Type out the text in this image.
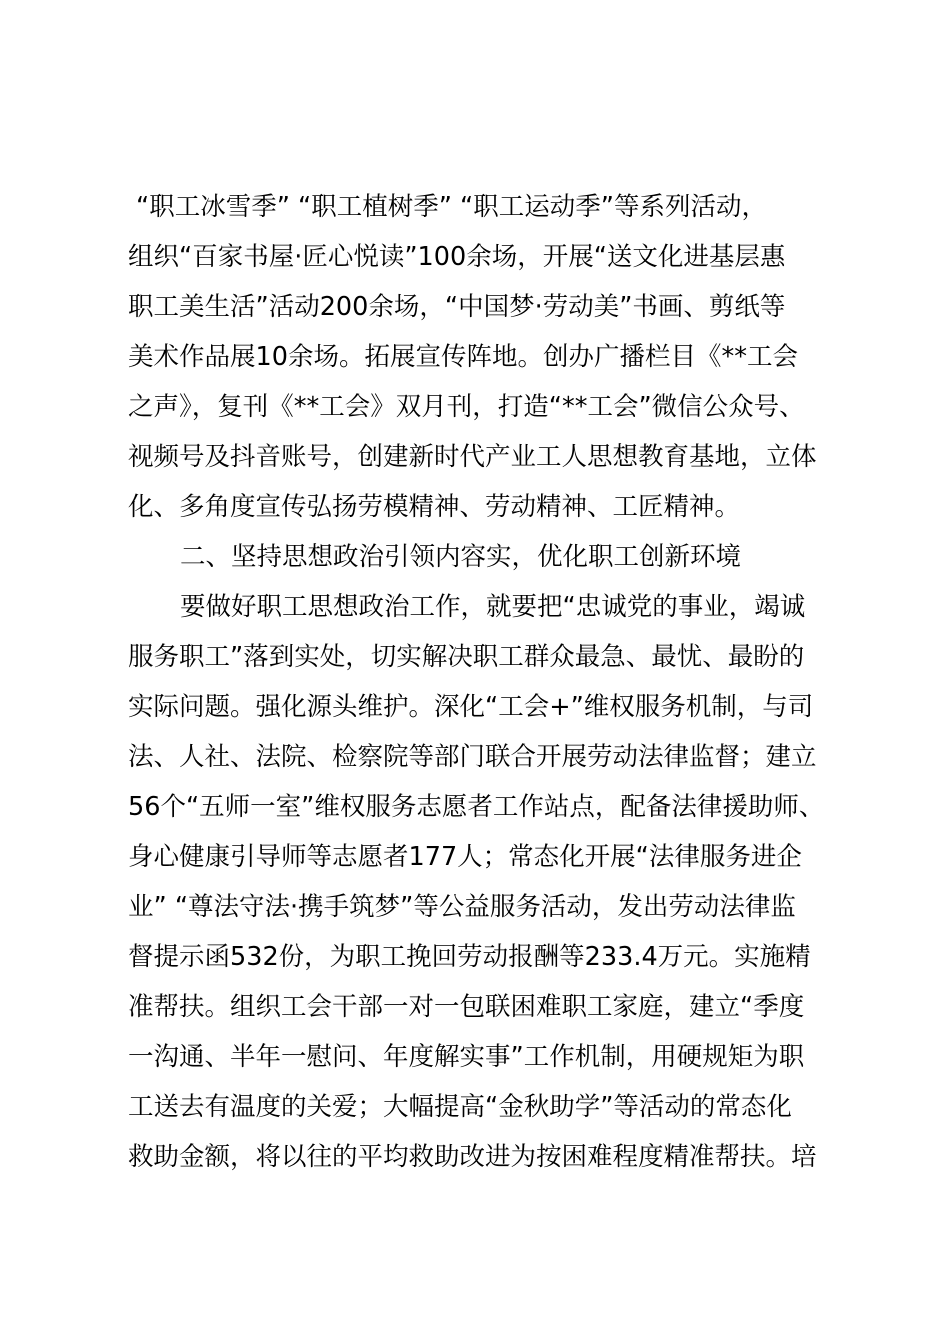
“职工冰雪季” “职工植树季” “职工运动季”等系列活动，
组织“百家书屋·匠心悦读”100余场，开展“送文化进基层惠
职工美生活”活动200余场，“中国梦·劳动美”书画、剪纸等
美术作品展10余场。拓展宣传阵地。创办广播栏目《**工会
之声》，复刊《**工会》双月刊，打造“**工会”微信公众号、
视频号及抖音账号，创建新时代产业工人思想教育基地，立体
化、多角度宣传弘扬劳模精神、劳动精神、工匠精神。
二、坚持思想政治引领内容实，优化职工创新环境
要做好职工思想政治工作，就要把“忠诚党的事业，竭诚
服务职工”落到实处，切实解决职工群众最急、最忧、最盼的
实际问题。强化源头维护。深化“工会+”维权服务机制，与司
法、人社、法院、检察院等部门联合开展劳动法律监督；建立
56个“五师一室”维权服务志愿者工作站点，配备法律援助师、
身心健康引导师等志愿者177人；常态化开展“法律服务进企
业” “尊法守法·携手筑梦”等公益服务活动，发出劳动法律监
督提示函532份，为职工挽回劳动报酬等233.4万元。实施精
准帮扶。组织工会干部一对一包联困难职工家庭，建立“季度
一沟通、半年一慰问、年度解实事”工作机制，用硬规矩为职
工送去有温度的关爱；大幅提高“金秋助学”等活动的常态化
救助金额，将以往的平均救助改进为按困难程度精准帮扶。培
